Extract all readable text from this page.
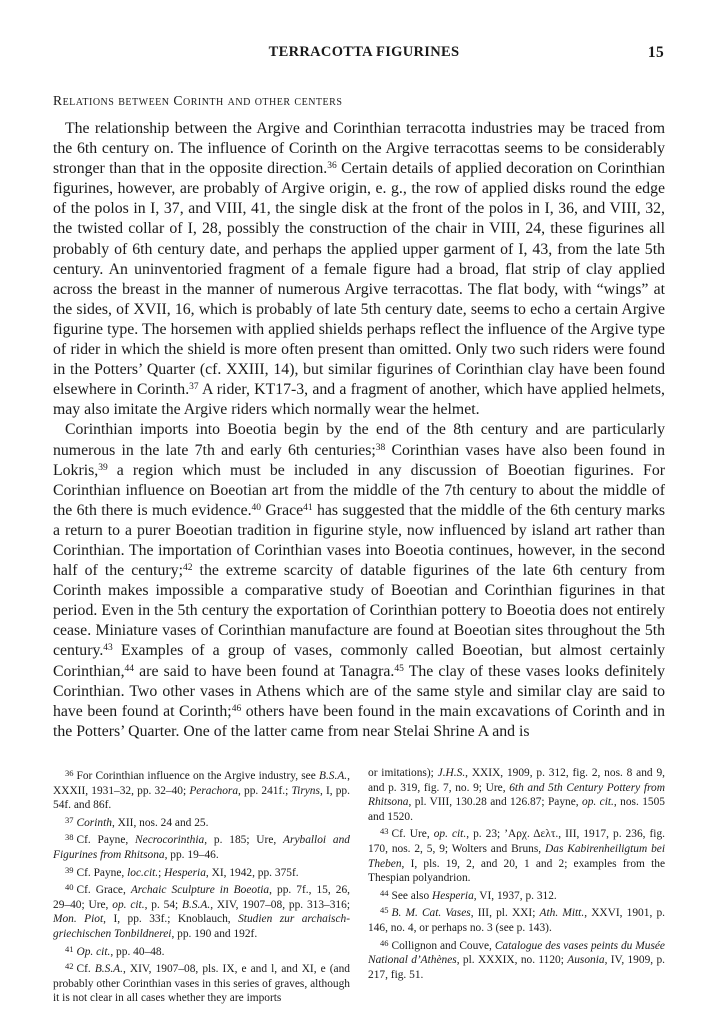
TERRACOTTA FIGURINES	15
Relations between Corinth and other centers

The relationship between the Argive and Corinthian terracotta industries may be traced from the 6th century on. The influence of Corinth on the Argive terracottas seems to be considerably stronger than that in the opposite direction.$^{36}$ Certain details of applied decoration on Corinthian figurines, however, are probably of Argive origin, e. g., the row of applied disks round the edge of the polos in I, 37, and VIII, 41, the single disk at the front of the polos in I, 36, and VIII, 32, the twisted collar of I, 28, possibly the construction of the chair in VIII, 24, these figurines all probably of 6th century date, and perhaps the applied upper garment of I, 43, from the late 5th century. An uninventoried fragment of a female figure had a broad, flat strip of clay applied across the breast in the manner of numerous Argive terracottas. The flat body, with “wings” at the sides, of XVII, 16, which is probably of late 5th century date, seems to echo a certain Argive figurine type. The horsemen with applied shields perhaps reflect the influence of the Argive type of rider in which the shield is more often present than omitted. Only two such riders were found in the Potters’ Quarter (cf. XXIII, 14), but similar figurines of Corinthian clay have been found elsewhere in Corinth.$^{37}$ A rider, KT17-3, and a fragment of another, which have applied helmets, may also imitate the Argive riders which normally wear the helmet.

Corinthian imports into Boeotia begin by the end of the 8th century and are particularly numerous in the late 7th and early 6th centuries;$^{38}$ Corinthian vases have also been found in Lokris,$^{39}$ a region which must be included in any discussion of Boeotian figurines. For Corinthian influence on Boeotian art from the middle of the 7th century to about the middle of the 6th there is much evidence.$^{40}$ Grace$^{41}$ has suggested that the middle of the 6th century marks a return to a purer Boeotian tradition in figurine style, now influenced by island art rather than Corinthian. The importation of Corinthian vases into Boeotia continues, however, in the second half of the century;$^{42}$ the extreme scarcity of datable figurines of the late 6th century from Corinth makes impossible a comparative study of Boeotian and Corinthian figurines in that period. Even in the 5th century the exportation of Corinthian pottery to Boeotia does not entirely cease. Miniature vases of Corinthian manufacture are found at Boeotian sites throughout the 5th century.$^{43}$ Examples of a group of vases, commonly called Boeotian, but almost certainly Corinthian,$^{44}$ are said to have been found at Tanagra.$^{45}$ The clay of these vases looks definitely Corinthian. Two other vases in Athens which are of the same style and similar clay are said to have been found at Corinth;$^{46}$ others have been found in the main excavations of Corinth and in the Potters’ Quarter. One of the latter came from near Stelai Shrine A and is

$^{36}$ For Corinthian influence on the Argive industry, see B.S.A., XXXII, 1931–32, pp. 32–40; Perachora, pp. 241f.; Tiryns, I, pp. 54f. and 86f.

$^{37}$ Corinth, XII, nos. 24 and 25.

$^{38}$ Cf. Payne, Necrocorinthia, p. 185; Ure, Aryballoi and Figurines from Rhitsona, pp. 19–46.

$^{39}$ Cf. Payne, loc.cit.; Hesperia, XI, 1942, pp. 375f.

$^{40}$ Cf. Grace, Archaic Sculpture in Boeotia, pp. 7f., 15, 26, 29–40; Ure, op. cit., p. 54; B.S.A., XIV, 1907–08, pp. 313–316; Mon. Piot, I, pp. 33f.; Knoblauch, Studien zur archaisch-griechischen Tonbildnerei, pp. 190 and 192f.

$^{41}$ Op. cit., pp. 40–48.

$^{42}$ Cf. B.S.A., XIV, 1907–08, pls. IX, e and l, and XI, e (and probably other Corinthian vases in this series of graves, although it is not clear in all cases whether they are imports

or imitations); J.H.S., XXIX, 1909, p. 312, fig. 2, nos. 8 and 9, and p. 319, fig. 7, no. 9; Ure, 6th and 5th Century Pottery from Rhitsona, pl. VIII, 130.28 and 126.87; Payne, op. cit., nos. 1505 and 1520.

$^{43}$ Cf. Ure, op. cit., p. 23; ’Αρχ. Δελτ., III, 1917, p. 236, fig. 170, nos. 2, 5, 9; Wolters and Bruns, Das Kabirenheiligtum bei Theben, I, pls. 19, 2, and 20, 1 and 2; examples from the Thespian polyandrion.

$^{44}$ See also Hesperia, VI, 1937, p. 312.

$^{45}$ B. M. Cat. Vases, III, pl. XXI; Ath. Mitt., XXVI, 1901, p. 146, no. 4, or perhaps no. 3 (see p. 143).

$^{46}$ Collignon and Couve, Catalogue des vases peints du Musée National d’Athènes, pl. XXXIX, no. 1120; Ausonia, IV, 1909, p. 217, fig. 51.
